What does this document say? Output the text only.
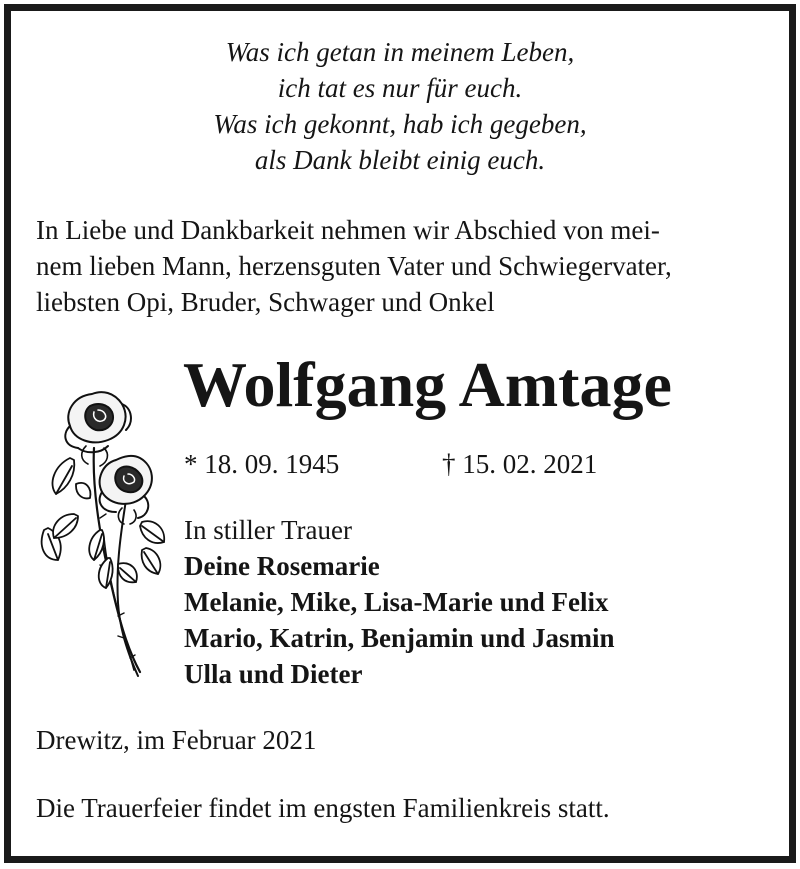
Was ich getan in meinem Leben,
ich tat es nur für euch.
Was ich gekonnt, hab ich gegeben,
als Dank bleibt einig euch.
In Liebe und Dankbarkeit nehmen wir Abschied von mei-
nem lieben Mann, herzensguten Vater und Schwiegervater,
liebsten Opi, Bruder, Schwager und Onkel
Wolfgang Amtage
* 18. 09. 1945	† 15. 02. 2021
In stiller Trauer
Deine Rosemarie
Melanie, Mike, Lisa-Marie und Felix
Mario, Katrin, Benjamin und Jasmin
Ulla und Dieter
Drewitz, im Februar 2021
Die Trauerfeier findet im engsten Familienkreis statt.
